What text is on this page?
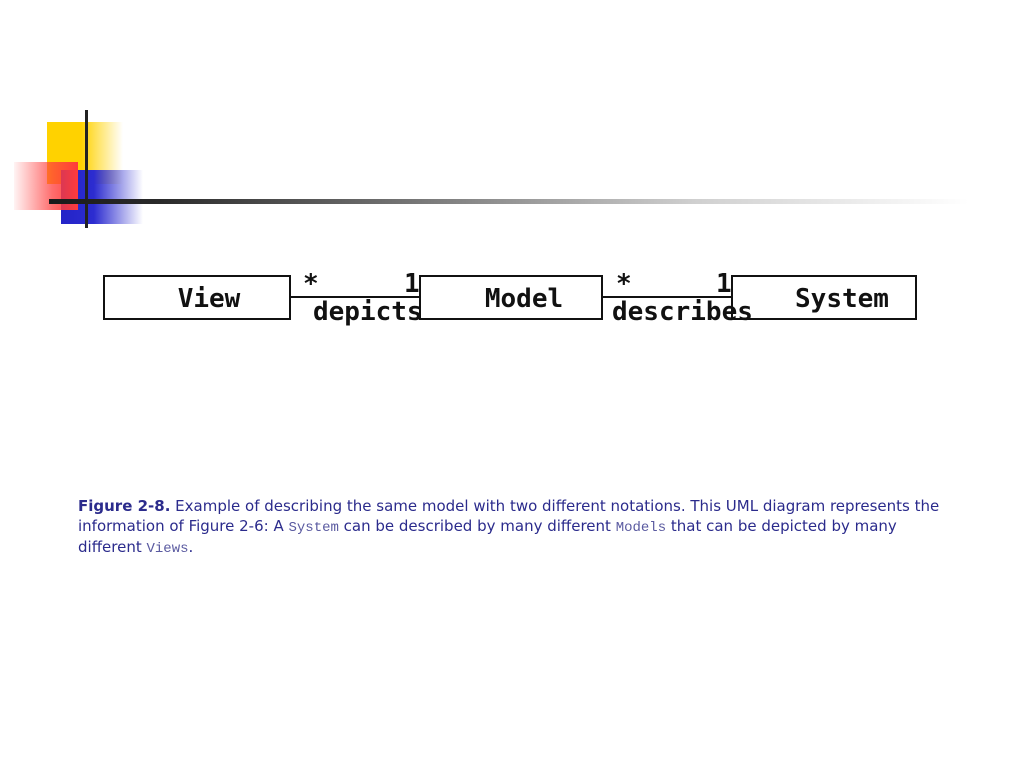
View	Model	System
*	1
depicts
*	1
describes
Figure 2-8. Example of describing the same model with two different notations. This UML diagram represents the information of Figure 2-6: A System can be described by many different Models that can be depicted by many different Views.
